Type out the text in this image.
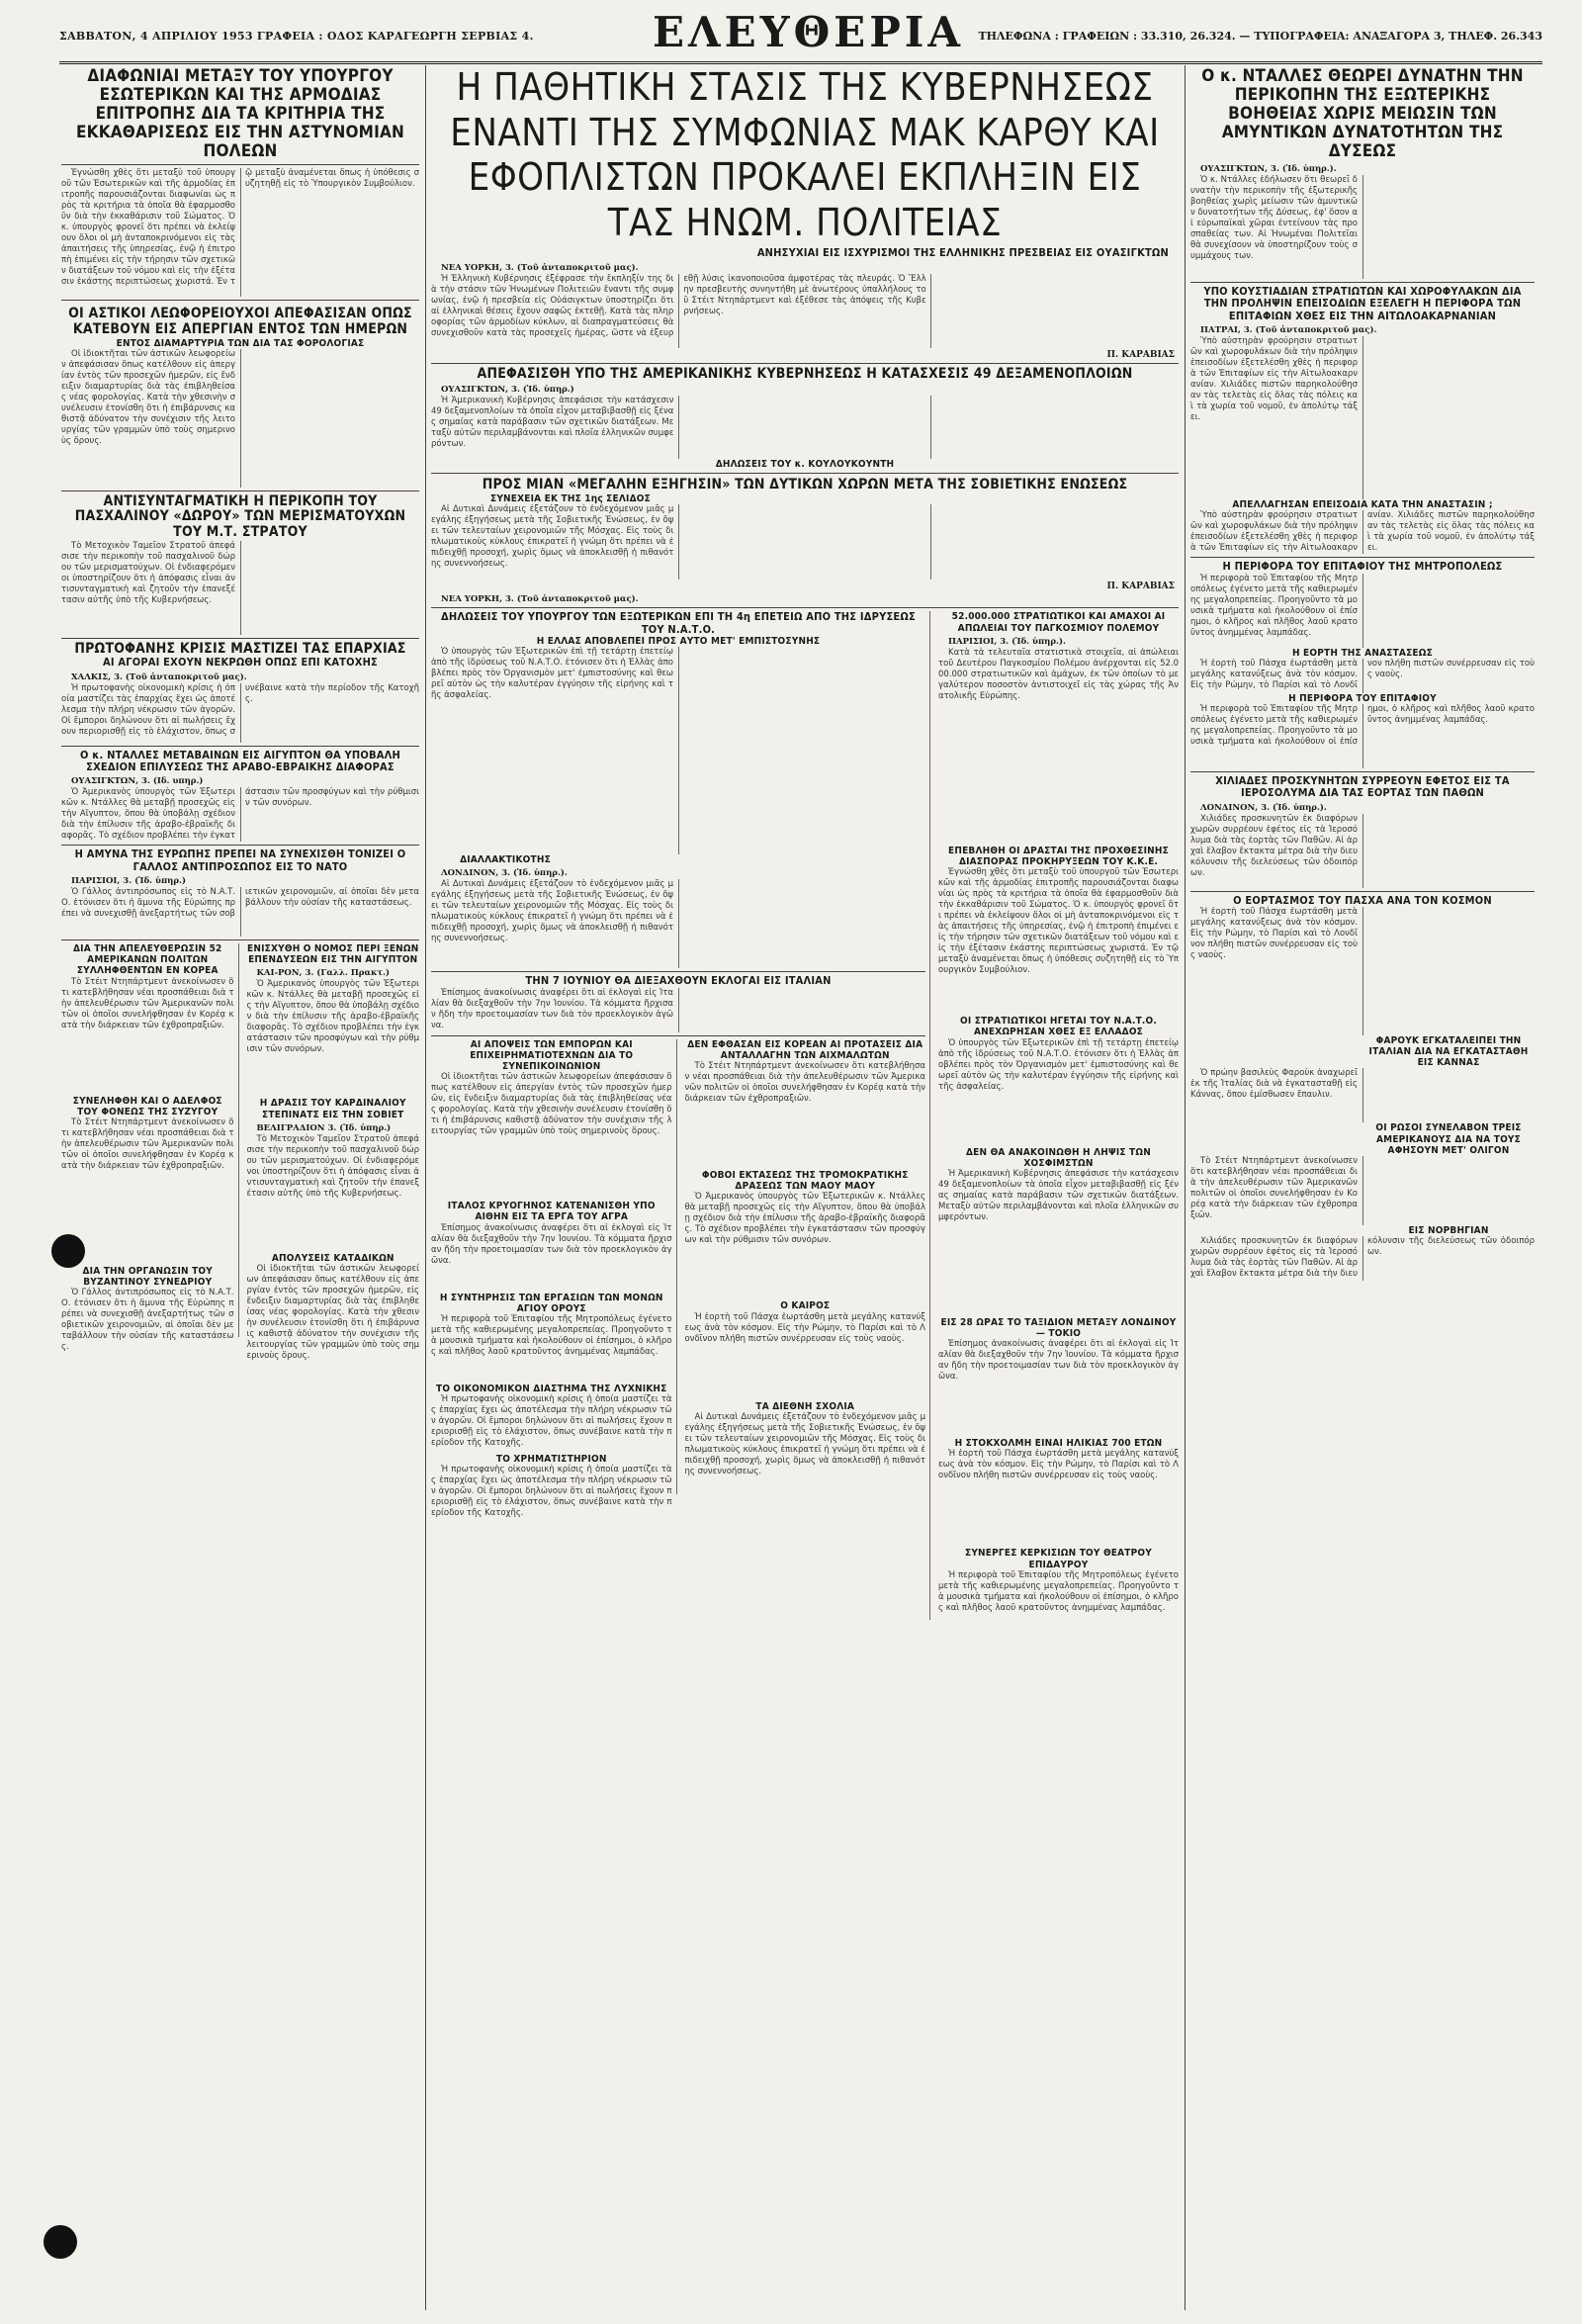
ΣΑΒΒΑΤΟΝ, 4 ΑΠΡΙΛΙΟΥ 1953 ΓΡΑΦΕΙΑ : ΟΔΟΣ ΚΑΡΑΓΕΩΡΓΗ ΣΕΡΒΙΑΣ 4.	ΕΛΕΥΘΕΡΙΑ ΤΗΛΕΦΩΝΑ : ΓΡΑΦΕΙΩΝ : 33.310, 26.324. — ΤΥΠΟΓΡΑΦΕΙΑ: ΑΝΑΞΑΓΟΡΑ 3, ΤΗΛΕΦ. 26.343
ΔΙΑΦΩΝΙΑΙ ΜΕΤΑΞΥ ΤΟΥ ΥΠΟΥΡΓΟΥ ΕΣΩΤΕΡΙΚΩΝ ΚΑΙ ΤΗΣ ΑΡΜΟΔΙΑΣ ΕΠΙΤΡΟΠΗΣ ΔΙΑ ΤΑ ΚΡΙΤΗΡΙΑ ΤΗΣ ΕΚΚΑΘΑΡΙΣΕΩΣ ΕΙΣ ΤΗΝ ΑΣΤΥΝΟΜΙΑΝ ΠΟΛΕΩΝ

Ἐγνώσθη χθὲς ὅτι μεταξὺ τοῦ ὑπουργοῦ τῶν Ἐσωτερικῶν καὶ τῆς ἀρμοδίας ἐπιτροπῆς παρουσιάζονται διαφωνίαι ὡς πρὸς τὰ κριτήρια τὰ ὁποῖα θὰ ἐφαρμοσθοῦν διὰ τὴν ἐκκαθάρισιν τοῦ Σώματος. Ὁ κ. ὑπουργὸς φρονεῖ ὅτι πρέπει νὰ ἐκλείψουν ὅλοι οἱ μὴ ἀνταποκρινόμενοι εἰς τὰς ἀπαιτήσεις τῆς ὑπηρεσίας, ἐνῷ ἡ ἐπιτροπὴ ἐπιμένει εἰς τὴν τήρησιν τῶν σχετικῶν διατάξεων τοῦ νόμου καὶ εἰς τὴν ἐξέτασιν ἑκάστης περιπτώσεως χωριστά. Ἐν τῷ μεταξὺ ἀναμένεται ὅπως ἡ ὑπόθεσις συζητηθῇ εἰς τὸ Ὑπουργικὸν Συμβούλιον.

ΟΙ ΑΣΤΙΚΟΙ ΛΕΩΦΟΡΕΙΟΥΧΟΙ ΑΠΕΦΑΣΙΣΑΝ ΟΠΩΣ ΚΑΤΕΒΟΥΝ ΕΙΣ ΑΠΕΡΓΙΑΝ ΕΝΤΟΣ ΤΩΝ ΗΜΕΡΩΝ
ΕΝΤΟΣ ΔΙΑΜΑΡΤΥΡΙΑ ΤΩΝ ΔΙΑ ΤΑΣ ΦΟΡΟΛΟΓΙΑΣ

Οἱ ἰδιοκτῆται τῶν ἀστικῶν λεωφορείων ἀπεφάσισαν ὅπως κατέλθουν εἰς ἀπεργίαν ἐντὸς τῶν προσεχῶν ἡμερῶν, εἰς ἔνδειξιν διαμαρτυρίας διὰ τὰς ἐπιβληθείσας νέας φορολογίας. Κατὰ τὴν χθεσινὴν συνέλευσιν ἐτονίσθη ὅτι ἡ ἐπιβάρυνσις καθιστᾷ ἀδύνατον τὴν συνέχισιν τῆς λειτουργίας τῶν γραμμῶν ὑπὸ τοὺς σημερινοὺς ὅρους.

ΑΝΤΙΣΥΝΤΑΓΜΑΤΙΚΗ Η ΠΕΡΙΚΟΠΗ ΤΟΥ ΠΑΣΧΑΛΙΝΟΥ «ΔΩΡΟΥ» ΤΩΝ ΜΕΡΙΣΜΑΤΟΥΧΩΝ ΤΟΥ Μ.Τ. ΣΤΡΑΤΟΥ

Τὸ Μετοχικὸν Ταμεῖον Στρατοῦ ἀπεφάσισε τὴν περικοπὴν τοῦ πασχαλινοῦ δώρου τῶν μερισματούχων. Οἱ ἐνδιαφερόμενοι ὑποστηρίζουν ὅτι ἡ ἀπόφασις εἶναι ἀντισυνταγματικὴ καὶ ζητοῦν τὴν ἐπανεξέτασιν αὐτῆς ὑπὸ τῆς Κυβερνήσεως.

ΠΡΩΤΟΦΑΝΗΣ ΚΡΙΣΙΣ ΜΑΣΤΙΖΕΙ ΤΑΣ ΕΠΑΡΧΙΑΣ
ΑΙ ΑΓΟΡΑΙ ΕΧΟΥΝ ΝΕΚΡΩΘΗ ΟΠΩΣ ΕΠΙ ΚΑΤΟΧΗΣ
ΧΑΛΚΙΣ, 3. (Τοῦ ἀνταποκριτοῦ μας).

Ἡ πρωτοφανὴς οἰκονομικὴ κρίσις ἡ ὁποία μαστίζει τὰς ἐπαρχίας ἔχει ὡς ἀποτέλεσμα τὴν πλήρη νέκρωσιν τῶν ἀγορῶν. Οἱ ἔμποροι δηλώνουν ὅτι αἱ πωλήσεις ἔχουν περιορισθῇ εἰς τὸ ἐλάχιστον, ὅπως συνέβαινε κατὰ τὴν περίοδον τῆς Κατοχῆς.

Ο κ. ΝΤΑΛΛΕΣ ΜΕΤΑΒΑΙΝΩΝ ΕΙΣ ΑΙΓΥΠΤΟΝ ΘΑ ΥΠΟΒΑΛΗ ΣΧΕΔΙΟΝ ΕΠΙΛΥΣΕΩΣ ΤΗΣ ΑΡΑΒΟ-ΕΒΡΑΙΚΗΣ ΔΙΑΦΟΡΑΣ
ΟΥΑΣΙΓΚΤΩΝ, 3. (Ιδ. υπηρ.)

Ὁ Ἀμερικανὸς ὑπουργὸς τῶν Ἐξωτερικῶν κ. Ντάλλες θὰ μεταβῇ προσεχῶς εἰς τὴν Αἴγυπτον, ὅπου θὰ ὑποβάλῃ σχέδιον διὰ τὴν ἐπίλυσιν τῆς ἀραβο-ἑβραϊκῆς διαφορᾶς. Τὸ σχέδιον προβλέπει τὴν ἐγκατάστασιν τῶν προσφύγων καὶ τὴν ρύθμισιν τῶν συνόρων.

Η ΑΜΥΝΑ ΤΗΣ ΕΥΡΩΠΗΣ ΠΡΕΠΕΙ ΝΑ ΣΥΝΕΧΙΣΘΗ ΤΟΝΙΖΕΙ Ο ΓΑΛΛΟΣ ΑΝΤΙΠΡΟΣΩΠΟΣ ΕΙΣ ΤΟ ΝΑΤΟ
ΠΑΡΙΣΙΟΙ, 3. (Ἰδ. ὑπηρ.)

Ὁ Γάλλος ἀντιπρόσωπος εἰς τὸ Ν.Α.Τ.Ο. ἐτόνισεν ὅτι ἡ ἄμυνα τῆς Εὐρώπης πρέπει νὰ συνεχισθῇ ἀνεξαρτήτως τῶν σοβιετικῶν χειρονομιῶν, αἱ ὁποῖαι δὲν μεταβάλλουν τὴν οὐσίαν τῆς καταστάσεως.

ΔΙΑ ΤΗΝ ΑΠΕΛΕΥΘΕΡΩΣΙΝ 52 ΑΜΕΡΙΚΑΝΩΝ ΠΟΛΙΤΩΝ ΣΥΛΛΗΦΘΕΝΤΩΝ ΕΝ ΚΟΡΕΑ

Τὸ Στέιτ Ντηπάρτμεντ ἀνεκοίνωσεν ὅτι κατεβλήθησαν νέαι προσπάθειαι διὰ τὴν ἀπελευθέρωσιν τῶν Ἀμερικανῶν πολιτῶν οἱ ὁποῖοι συνελήφθησαν ἐν Κορέᾳ κατὰ τὴν διάρκειαν τῶν ἐχθροπραξιῶν.

ΣΥΝΕΛΗΦΘΗ ΚΑΙ Ο ΑΔΕΛΦΟΣ ΤΟΥ ΦΟΝΕΩΣ ΤΗΣ ΣΥΖΥΓΟΥ

Τὸ Στέιτ Ντηπάρτμεντ ἀνεκοίνωσεν ὅτι κατεβλήθησαν νέαι προσπάθειαι διὰ τὴν ἀπελευθέρωσιν τῶν Ἀμερικανῶν πολιτῶν οἱ ὁποῖοι συνελήφθησαν ἐν Κορέᾳ κατὰ τὴν διάρκειαν τῶν ἐχθροπραξιῶν.

ΔΙΑ ΤΗΝ ΟΡΓΑΝΩΣΙΝ ΤΟΥ ΒΥΖΑΝΤΙΝΟΥ ΣΥΝΕΔΡΙΟΥ

Ὁ Γάλλος ἀντιπρόσωπος εἰς τὸ Ν.Α.Τ.Ο. ἐτόνισεν ὅτι ἡ ἄμυνα τῆς Εὐρώπης πρέπει νὰ συνεχισθῇ ἀνεξαρτήτως τῶν σοβιετικῶν χειρονομιῶν, αἱ ὁποῖαι δὲν μεταβάλλουν τὴν οὐσίαν τῆς καταστάσεως.

ΕΝΙΣΧΥΘΗ Ο ΝΟΜΟΣ ΠΕΡΙ ΞΕΝΩΝ ΕΠΕΝΔΥΣΕΩΝ ΕΙΣ ΤΗΝ ΑΙΓΥΠΤΟΝ
ΚΑΙ-ΡΟΝ, 3. (Γαλλ. Πρακτ.)

Ὁ Ἀμερικανὸς ὑπουργὸς τῶν Ἐξωτερικῶν κ. Ντάλλες θὰ μεταβῇ προσεχῶς εἰς τὴν Αἴγυπτον, ὅπου θὰ ὑποβάλῃ σχέδιον διὰ τὴν ἐπίλυσιν τῆς ἀραβο-ἑβραϊκῆς διαφορᾶς. Τὸ σχέδιον προβλέπει τὴν ἐγκατάστασιν τῶν προσφύγων καὶ τὴν ρύθμισιν τῶν συνόρων.

Η ΔΡΑΣΙΣ ΤΟΥ ΚΑΡΔΙΝΑΛΙΟΥ ΣΤΕΠΙΝΑΤΣ ΕΙΣ ΤΗΝ ΣΟΒΙΕΤ
ΒΕΛΙΓΡΑΔΙΟΝ 3. (Ἰδ. ὑπηρ.)

Τὸ Μετοχικὸν Ταμεῖον Στρατοῦ ἀπεφάσισε τὴν περικοπὴν τοῦ πασχαλινοῦ δώρου τῶν μερισματούχων. Οἱ ἐνδιαφερόμενοι ὑποστηρίζουν ὅτι ἡ ἀπόφασις εἶναι ἀντισυνταγματικὴ καὶ ζητοῦν τὴν ἐπανεξέτασιν αὐτῆς ὑπὸ τῆς Κυβερνήσεως.

ΑΠΟΛΥΣΕΙΣ ΚΑΤΑΔΙΚΩΝ

Οἱ ἰδιοκτῆται τῶν ἀστικῶν λεωφορείων ἀπεφάσισαν ὅπως κατέλθουν εἰς ἀπεργίαν ἐντὸς τῶν προσεχῶν ἡμερῶν, εἰς ἔνδειξιν διαμαρτυρίας διὰ τὰς ἐπιβληθείσας νέας φορολογίας. Κατὰ τὴν χθεσινὴν συνέλευσιν ἐτονίσθη ὅτι ἡ ἐπιβάρυνσις καθιστᾷ ἀδύνατον τὴν συνέχισιν τῆς λειτουργίας τῶν γραμμῶν ὑπὸ τοὺς σημερινοὺς ὅρους.

Η ΠΑΘΗΤΙΚΗ ΣΤΑΣΙΣ ΤΗΣ ΚΥΒΕΡΝΗΣΕΩΣ ΕΝΑΝΤΙ ΤΗΣ ΣΥΜΦΩΝΙΑΣ ΜΑΚ ΚΑΡΘΥ ΚΑΙ ΕΦΟΠΛΙΣΤΩΝ ΠΡΟΚΑΛΕΙ ΕΚΠΛΗΞΙΝ ΕΙΣ ΤΑΣ ΗΝΩΜ. ΠΟΛΙΤΕΙΑΣ
ΑΝΗΣΥΧΙΑΙ ΕΙΣ ΙΣΧΥΡΙΣΜΟΙ ΤΗΣ ΕΛΛΗΝΙΚΗΣ ΠΡΕΣΒΕΙΑΣ ΕΙΣ ΟΥΑΣΙΓΚΤΩΝ
ΝΕΑ ΥΟΡΚΗ, 3. (Τοῦ ἀνταποκριτοῦ μας).

Ἡ Ἑλληνικὴ Κυβέρνησις ἐξέφρασε τὴν ἔκπληξίν της διὰ τὴν στάσιν τῶν Ἡνωμένων Πολιτειῶν ἔναντι τῆς συμφωνίας, ἐνῷ ἡ πρεσβεία εἰς Οὐάσιγκτων ὑποστηρίζει ὅτι αἱ ἑλληνικαὶ θέσεις ἔχουν σαφῶς ἐκτεθῇ. Κατὰ τὰς πληροφορίας τῶν ἀρμοδίων κύκλων, αἱ διαπραγματεύσεις θὰ συνεχισθοῦν κατὰ τὰς προσεχεῖς ἡμέρας, ὥστε νὰ ἐξευρεθῇ λύσις ἱκανοποιοῦσα ἀμφοτέρας τὰς πλευράς. Ὁ Ἕλλην πρεσβευτὴς συνηντήθη μὲ ἀνωτέρους ὑπαλλήλους τοῦ Στέιτ Ντηπάρτμεντ καὶ ἐξέθεσε τὰς ἀπόψεις τῆς Κυβερνήσεως.

Π. ΚΑΡΑΒΙΑΣ
ΑΠΕΦΑΣΙΣΘΗ ΥΠΟ ΤΗΣ ΑΜΕΡΙΚΑΝΙΚΗΣ ΚΥΒΕΡΝΗΣΕΩΣ Η ΚΑΤΑΣΧΕΣΙΣ 49 ΔΕΞΑΜΕΝΟΠΛΟΙΩΝ
ΟΥΑΣΙΓΚΤΩΝ, 3. (Ἰδ. ὑπηρ.)

Ἡ Ἀμερικανικὴ Κυβέρνησις ἀπεφάσισε τὴν κατάσχεσιν 49 δεξαμενοπλοίων τὰ ὁποῖα εἶχον μεταβιβασθῇ εἰς ξένας σημαίας κατὰ παράβασιν τῶν σχετικῶν διατάξεων. Μεταξὺ αὐτῶν περιλαμβάνονται καὶ πλοῖα ἑλληνικῶν συμφερόντων.

ΔΗΛΩΣΕΙΣ ΤΟΥ κ. ΚΟΥΛΟΥΚΟΥΝΤΗ
ΠΡΟΣ ΜΙΑΝ «ΜΕΓΑΛΗΝ ΕΞΗΓΗΣΙΝ» ΤΩΝ ΔΥΤΙΚΩΝ ΧΩΡΩΝ ΜΕΤΑ ΤΗΣ ΣΟΒΙΕΤΙΚΗΣ ΕΝΩΣΕΩΣ
ΣΥΝΕΧΕΙΑ ΕΚ ΤΗΣ 1ης ΣΕΛΙΔΟΣ

Αἱ Δυτικαὶ Δυνάμεις ἐξετάζουν τὸ ἐνδεχόμενον μιᾶς μεγάλης ἐξηγήσεως μετὰ τῆς Σοβιετικῆς Ἑνώσεως, ἐν ὄψει τῶν τελευταίων χειρονομιῶν τῆς Μόσχας. Εἰς τοὺς διπλωματικοὺς κύκλους ἐπικρατεῖ ἡ γνώμη ὅτι πρέπει νὰ ἐπιδειχθῇ προσοχή, χωρὶς ὅμως νὰ ἀποκλεισθῇ ἡ πιθανότης συνεννοήσεως.

Π. ΚΑΡΑΒΙΑΣ
ΝΕΑ ΥΟΡΚΗ, 3. (Τοῦ ἀνταποκριτοῦ μας).
ΔΗΛΩΣΕΙΣ ΤΟΥ ΥΠΟΥΡΓΟΥ ΤΩΝ ΕΞΩΤΕΡΙΚΩΝ ΕΠΙ ΤΗ 4η ΕΠΕΤΕΙΩ ΑΠΟ ΤΗΣ ΙΔΡΥΣΕΩΣ ΤΟΥ Ν.Α.Τ.Ο.
Η ΕΛΛΑΣ ΑΠΟΒΛΕΠΕΙ ΠΡΟΣ ΑΥΤΟ ΜΕΤ' ΕΜΠΙΣΤΟΣΥΝΗΣ

Ὁ ὑπουργὸς τῶν Ἐξωτερικῶν ἐπὶ τῇ τετάρτῃ ἐπετείῳ ἀπὸ τῆς ἱδρύσεως τοῦ Ν.Α.Τ.Ο. ἐτόνισεν ὅτι ἡ Ἑλλὰς ἀποβλέπει πρὸς τὸν Ὀργανισμὸν μετ' ἐμπιστοσύνης καὶ θεωρεῖ αὐτὸν ὡς τὴν καλυτέραν ἐγγύησιν τῆς εἰρήνης καὶ τῆς ἀσφαλείας.

ΔΙΑΛΛΑΚΤΙΚΟΤΗΣ
ΛΟΝΔΙΝΟΝ, 3. (Ἰδ. ὑπηρ.).

Αἱ Δυτικαὶ Δυνάμεις ἐξετάζουν τὸ ἐνδεχόμενον μιᾶς μεγάλης ἐξηγήσεως μετὰ τῆς Σοβιετικῆς Ἑνώσεως, ἐν ὄψει τῶν τελευταίων χειρονομιῶν τῆς Μόσχας. Εἰς τοὺς διπλωματικοὺς κύκλους ἐπικρατεῖ ἡ γνώμη ὅτι πρέπει νὰ ἐπιδειχθῇ προσοχή, χωρὶς ὅμως νὰ ἀποκλεισθῇ ἡ πιθανότης συνεννοήσεως.

ΤΗΝ 7 ΙΟΥΝΙΟΥ ΘΑ ΔΙΕΞΑΧΘΟΥΝ ΕΚΛΟΓΑΙ ΕΙΣ ΙΤΑΛΙΑΝ

Ἐπίσημος ἀνακοίνωσις ἀναφέρει ὅτι αἱ ἐκλογαὶ εἰς Ἰταλίαν θὰ διεξαχθοῦν τὴν 7ην Ἰουνίου. Τὰ κόμματα ἤρχισαν ἤδη τὴν προετοιμασίαν των διὰ τὸν προεκλογικὸν ἀγῶνα.

ΑΙ ΑΠΟΨΕΙΣ ΤΩΝ ΕΜΠΟΡΩΝ ΚΑΙ ΕΠΙΧΕΙΡΗΜΑΤΙΟΤΕΧΝΩΝ ΔΙΑ ΤΟ ΣΥΝΕΠΙΚΟΙΝΩΝΙΟΝ

Οἱ ἰδιοκτῆται τῶν ἀστικῶν λεωφορείων ἀπεφάσισαν ὅπως κατέλθουν εἰς ἀπεργίαν ἐντὸς τῶν προσεχῶν ἡμερῶν, εἰς ἔνδειξιν διαμαρτυρίας διὰ τὰς ἐπιβληθείσας νέας φορολογίας. Κατὰ τὴν χθεσινὴν συνέλευσιν ἐτονίσθη ὅτι ἡ ἐπιβάρυνσις καθιστᾷ ἀδύνατον τὴν συνέχισιν τῆς λειτουργίας τῶν γραμμῶν ὑπὸ τοὺς σημερινοὺς ὅρους.

ΙΤΑΛΟΣ ΚΡΥΟΓΗΝΟΣ ΚΑΤΕΝΑΝΙΣΘΗ ΥΠΟ ΑΙΘΗΝ ΕΙΣ ΤΑ ΕΡΓΑ ΤΟΥ ΑΓΡΑ

Ἐπίσημος ἀνακοίνωσις ἀναφέρει ὅτι αἱ ἐκλογαὶ εἰς Ἰταλίαν θὰ διεξαχθοῦν τὴν 7ην Ἰουνίου. Τὰ κόμματα ἤρχισαν ἤδη τὴν προετοιμασίαν των διὰ τὸν προεκλογικὸν ἀγῶνα.

Η ΣΥΝΤΗΡΗΣΙΣ ΤΩΝ ΕΡΓΑΣΙΩΝ ΤΩΝ ΜΟΝΩΝ ΑΓΙΟΥ ΟΡΟΥΣ

Ἡ περιφορὰ τοῦ Ἐπιταφίου τῆς Μητροπόλεως ἐγένετο μετὰ τῆς καθιερωμένης μεγαλοπρεπείας. Προηγοῦντο τὰ μουσικὰ τμήματα καὶ ἠκολούθουν οἱ ἐπίσημοι, ὁ κλῆρος καὶ πλῆθος λαοῦ κρατοῦντος ἀνημμένας λαμπάδας.

ΤΟ ΟΙΚΟΝΟΜΙΚΟΝ ΔΙΑΣΤΗΜΑ ΤΗΣ ΛΥΧΝΙΚΗΣ

Ἡ πρωτοφανὴς οἰκονομικὴ κρίσις ἡ ὁποία μαστίζει τὰς ἐπαρχίας ἔχει ὡς ἀποτέλεσμα τὴν πλήρη νέκρωσιν τῶν ἀγορῶν. Οἱ ἔμποροι δηλώνουν ὅτι αἱ πωλήσεις ἔχουν περιορισθῇ εἰς τὸ ἐλάχιστον, ὅπως συνέβαινε κατὰ τὴν περίοδον τῆς Κατοχῆς.

ΤΟ ΧΡΗΜΑΤΙΣΤΗΡΙΟΝ

Ἡ πρωτοφανὴς οἰκονομικὴ κρίσις ἡ ὁποία μαστίζει τὰς ἐπαρχίας ἔχει ὡς ἀποτέλεσμα τὴν πλήρη νέκρωσιν τῶν ἀγορῶν. Οἱ ἔμποροι δηλώνουν ὅτι αἱ πωλήσεις ἔχουν περιορισθῇ εἰς τὸ ἐλάχιστον, ὅπως συνέβαινε κατὰ τὴν περίοδον τῆς Κατοχῆς.

ΔΕΝ ΕΦΘΑΣΑΝ ΕΙΣ ΚΟΡΕΑΝ ΑΙ ΠΡΟΤΑΣΕΙΣ ΔΙΑ ΑΝΤΑΛΛΑΓΗΝ ΤΩΝ ΑΙΧΜΑΛΩΤΩΝ

Τὸ Στέιτ Ντηπάρτμεντ ἀνεκοίνωσεν ὅτι κατεβλήθησαν νέαι προσπάθειαι διὰ τὴν ἀπελευθέρωσιν τῶν Ἀμερικανῶν πολιτῶν οἱ ὁποῖοι συνελήφθησαν ἐν Κορέᾳ κατὰ τὴν διάρκειαν τῶν ἐχθροπραξιῶν.

ΦΟΒΟΙ ΕΚΤΑΣΕΩΣ ΤΗΣ ΤΡΟΜΟΚΡΑΤΙΚΗΣ ΔΡΑΣΕΩΣ ΤΩΝ ΜΑΟΥ ΜΑΟΥ

Ὁ Ἀμερικανὸς ὑπουργὸς τῶν Ἐξωτερικῶν κ. Ντάλλες θὰ μεταβῇ προσεχῶς εἰς τὴν Αἴγυπτον, ὅπου θὰ ὑποβάλῃ σχέδιον διὰ τὴν ἐπίλυσιν τῆς ἀραβο-ἑβραϊκῆς διαφορᾶς. Τὸ σχέδιον προβλέπει τὴν ἐγκατάστασιν τῶν προσφύγων καὶ τὴν ρύθμισιν τῶν συνόρων.

Ο ΚΑΙΡΟΣ

Ἡ ἑορτὴ τοῦ Πάσχα ἑωρτάσθη μετὰ μεγάλης κατανύξεως ἀνὰ τὸν κόσμον. Εἰς τὴν Ρώμην, τὸ Παρίσι καὶ τὸ Λονδῖνον πλήθη πιστῶν συνέρρευσαν εἰς τοὺς ναοὺς.

ΤΑ ΔΙΕΘΝΗ ΣΧΟΛΙΑ

Αἱ Δυτικαὶ Δυνάμεις ἐξετάζουν τὸ ἐνδεχόμενον μιᾶς μεγάλης ἐξηγήσεως μετὰ τῆς Σοβιετικῆς Ἑνώσεως, ἐν ὄψει τῶν τελευταίων χειρονομιῶν τῆς Μόσχας. Εἰς τοὺς διπλωματικοὺς κύκλους ἐπικρατεῖ ἡ γνώμη ὅτι πρέπει νὰ ἐπιδειχθῇ προσοχή, χωρὶς ὅμως νὰ ἀποκλεισθῇ ἡ πιθανότης συνεννοήσεως.

52.000.000 ΣΤΡΑΤΙΩΤΙΚΟΙ ΚΑΙ ΑΜΑΧΟΙ ΑΙ ΑΠΩΛΕΙΑΙ ΤΟΥ ΠΑΓΚΟΣΜΙΟΥ ΠΟΛΕΜΟΥ
ΠΑΡΙΣΙΟΙ, 3. (Ἰδ. ὑπηρ.).

Κατὰ τὰ τελευταῖα στατιστικὰ στοιχεῖα, αἱ ἀπώλειαι τοῦ Δευτέρου Παγκοσμίου Πολέμου ἀνέρχονται εἰς 52.000.000 στρατιωτικῶν καὶ ἀμάχων, ἐκ τῶν ὁποίων τὸ μεγαλύτερον ποσοστὸν ἀντιστοιχεῖ εἰς τὰς χώρας τῆς Ἀνατολικῆς Εὐρώπης.

ΕΠΕΒΛΗΘΗ ΟΙ ΔΡΑΣΤΑΙ ΤΗΣ ΠΡΟΧΘΕΣΙΝΗΣ ΔΙΑΣΠΟΡΑΣ ΠΡΟΚΗΡΥΞΕΩΝ ΤΟΥ Κ.Κ.Ε.

Ἐγνώσθη χθὲς ὅτι μεταξὺ τοῦ ὑπουργοῦ τῶν Ἐσωτερικῶν καὶ τῆς ἀρμοδίας ἐπιτροπῆς παρουσιάζονται διαφωνίαι ὡς πρὸς τὰ κριτήρια τὰ ὁποῖα θὰ ἐφαρμοσθοῦν διὰ τὴν ἐκκαθάρισιν τοῦ Σώματος. Ὁ κ. ὑπουργὸς φρονεῖ ὅτι πρέπει νὰ ἐκλείψουν ὅλοι οἱ μὴ ἀνταποκρινόμενοι εἰς τὰς ἀπαιτήσεις τῆς ὑπηρεσίας, ἐνῷ ἡ ἐπιτροπὴ ἐπιμένει εἰς τὴν τήρησιν τῶν σχετικῶν διατάξεων τοῦ νόμου καὶ εἰς τὴν ἐξέτασιν ἑκάστης περιπτώσεως χωριστά. Ἐν τῷ μεταξὺ ἀναμένεται ὅπως ἡ ὑπόθεσις συζητηθῇ εἰς τὸ Ὑπουργικὸν Συμβούλιον.

ΟΙ ΣΤΡΑΤΙΩΤΙΚΟΙ ΗΓΕΤΑΙ ΤΟΥ Ν.Α.Τ.Ο. ΑΝΕΧΩΡΗΣΑΝ ΧΘΕΣ ΕΞ ΕΛΛΑΔΟΣ

Ὁ ὑπουργὸς τῶν Ἐξωτερικῶν ἐπὶ τῇ τετάρτῃ ἐπετείῳ ἀπὸ τῆς ἱδρύσεως τοῦ Ν.Α.Τ.Ο. ἐτόνισεν ὅτι ἡ Ἑλλὰς ἀποβλέπει πρὸς τὸν Ὀργανισμὸν μετ' ἐμπιστοσύνης καὶ θεωρεῖ αὐτὸν ὡς τὴν καλυτέραν ἐγγύησιν τῆς εἰρήνης καὶ τῆς ἀσφαλείας.

ΔΕΝ ΘΑ ΑΝΑΚΟΙΝΩΘΗ Η ΛΗΨΙΣ ΤΩΝ ΧΟΣΦΙΜΣΤΩΝ

Ἡ Ἀμερικανικὴ Κυβέρνησις ἀπεφάσισε τὴν κατάσχεσιν 49 δεξαμενοπλοίων τὰ ὁποῖα εἶχον μεταβιβασθῇ εἰς ξένας σημαίας κατὰ παράβασιν τῶν σχετικῶν διατάξεων. Μεταξὺ αὐτῶν περιλαμβάνονται καὶ πλοῖα ἑλληνικῶν συμφερόντων.

ΕΙΣ 28 ΩΡΑΣ ΤΟ ΤΑΞΙΔΙΟΝ ΜΕΤΑΞΥ ΛΟΝΔΙΝΟΥ — ΤΟΚΙΟ

Ἐπίσημος ἀνακοίνωσις ἀναφέρει ὅτι αἱ ἐκλογαὶ εἰς Ἰταλίαν θὰ διεξαχθοῦν τὴν 7ην Ἰουνίου. Τὰ κόμματα ἤρχισαν ἤδη τὴν προετοιμασίαν των διὰ τὸν προεκλογικὸν ἀγῶνα.

Η ΣΤΟΚΧΟΛΜΗ ΕΙΝΑΙ ΗΛΙΚΙΑΣ 700 ΕΤΩΝ

Ἡ ἑορτὴ τοῦ Πάσχα ἑωρτάσθη μετὰ μεγάλης κατανύξεως ἀνὰ τὸν κόσμον. Εἰς τὴν Ρώμην, τὸ Παρίσι καὶ τὸ Λονδῖνον πλήθη πιστῶν συνέρρευσαν εἰς τοὺς ναοὺς.

ΣΥΝΕΡΓΕΣ ΚΕΡΚΙΣΙΩΝ ΤΟΥ ΘΕΑΤΡΟΥ ΕΠΙΔΑΥΡΟΥ

Ἡ περιφορὰ τοῦ Ἐπιταφίου τῆς Μητροπόλεως ἐγένετο μετὰ τῆς καθιερωμένης μεγαλοπρεπείας. Προηγοῦντο τὰ μουσικὰ τμήματα καὶ ἠκολούθουν οἱ ἐπίσημοι, ὁ κλῆρος καὶ πλῆθος λαοῦ κρατοῦντος ἀνημμένας λαμπάδας.

Ο κ. ΝΤΑΛΛΕΣ ΘΕΩΡΕΙ ΔΥΝΑΤΗΝ ΤΗΝ ΠΕΡΙΚΟΠΗΝ ΤΗΣ ΕΞΩΤΕΡΙΚΗΣ ΒΟΗΘΕΙΑΣ ΧΩΡΙΣ ΜΕΙΩΣΙΝ ΤΩΝ ΑΜΥΝΤΙΚΩΝ ΔΥΝΑΤΟΤΗΤΩΝ ΤΗΣ ΔΥΣΕΩΣ
ΟΥΑΣΙΓΚΤΩΝ, 3. (Ἰδ. ὑπηρ.).

Ὁ κ. Ντάλλες ἐδήλωσεν ὅτι θεωρεῖ δυνατὴν τὴν περικοπὴν τῆς ἐξωτερικῆς βοηθείας χωρὶς μείωσιν τῶν ἀμυντικῶν δυνατοτήτων τῆς Δύσεως, ἐφ' ὅσον αἱ εὐρωπαϊκαὶ χῶραι ἐντείνουν τὰς προσπαθείας των. Αἱ Ἡνωμέναι Πολιτεῖαι θὰ συνεχίσουν νὰ ὑποστηρίζουν τοὺς συμμάχους των.

ΥΠΟ ΚΟΥΣΤΙΑΔΙΑΝ ΣΤΡΑΤΙΩΤΩΝ ΚΑΙ ΧΩΡΟΦΥΛΑΚΩΝ ΔΙΑ ΤΗΝ ΠΡΟΛΗΨΙΝ ΕΠΕΙΣΟΔΙΩΝ ΕΞΕΛΕΓΗ Η ΠΕΡΙΦΟΡΑ ΤΩΝ ΕΠΙΤΑΦΙΩΝ ΧΘΕΣ ΕΙΣ ΤΗΝ ΑΙΤΩΛΟΑΚΑΡΝΑΝΙΑΝ
ΠΑΤΡΑΙ, 3. (Τοῦ ἀνταποκριτοῦ μας).

Ὑπὸ αὐστηρὰν φρούρησιν στρατιωτῶν καὶ χωροφυλάκων διὰ τὴν πρόληψιν ἐπεισοδίων ἐξετελέσθη χθὲς ἡ περιφορὰ τῶν Ἐπιταφίων εἰς τὴν Αἰτωλοακαρνανίαν. Χιλιάδες πιστῶν παρηκολούθησαν τὰς τελετὰς εἰς ὅλας τὰς πόλεις καὶ τὰ χωρία τοῦ νομοῦ, ἐν ἀπολύτῳ τάξει.

ΑΠΕΛΛΑΓΗΣΑΝ ΕΠΕΙΣΟΔΙΑ ΚΑΤΑ ΤΗΝ ΑΝΑΣΤΑΣΙΝ ;

Ὑπὸ αὐστηρὰν φρούρησιν στρατιωτῶν καὶ χωροφυλάκων διὰ τὴν πρόληψιν ἐπεισοδίων ἐξετελέσθη χθὲς ἡ περιφορὰ τῶν Ἐπιταφίων εἰς τὴν Αἰτωλοακαρνανίαν. Χιλιάδες πιστῶν παρηκολούθησαν τὰς τελετὰς εἰς ὅλας τὰς πόλεις καὶ τὰ χωρία τοῦ νομοῦ, ἐν ἀπολύτῳ τάξει.

Η ΠΕΡΙΦΟΡΑ ΤΟΥ ΕΠΙΤΑΦΙΟΥ ΤΗΣ ΜΗΤΡΟΠΟΛΕΩΣ

Ἡ περιφορὰ τοῦ Ἐπιταφίου τῆς Μητροπόλεως ἐγένετο μετὰ τῆς καθιερωμένης μεγαλοπρεπείας. Προηγοῦντο τὰ μουσικὰ τμήματα καὶ ἠκολούθουν οἱ ἐπίσημοι, ὁ κλῆρος καὶ πλῆθος λαοῦ κρατοῦντος ἀνημμένας λαμπάδας.

Η ΕΟΡΤΗ ΤΗΣ ΑΝΑΣΤΑΣΕΩΣ

Ἡ ἑορτὴ τοῦ Πάσχα ἑωρτάσθη μετὰ μεγάλης κατανύξεως ἀνὰ τὸν κόσμον. Εἰς τὴν Ρώμην, τὸ Παρίσι καὶ τὸ Λονδῖνον πλήθη πιστῶν συνέρρευσαν εἰς τοὺς ναοὺς.

Η ΠΕΡΙΦΟΡΑ ΤΟΥ ΕΠΙΤΑΦΙΟΥ

Ἡ περιφορὰ τοῦ Ἐπιταφίου τῆς Μητροπόλεως ἐγένετο μετὰ τῆς καθιερωμένης μεγαλοπρεπείας. Προηγοῦντο τὰ μουσικὰ τμήματα καὶ ἠκολούθουν οἱ ἐπίσημοι, ὁ κλῆρος καὶ πλῆθος λαοῦ κρατοῦντος ἀνημμένας λαμπάδας.

ΧΙΛΙΑΔΕΣ ΠΡΟΣΚΥΝΗΤΩΝ ΣΥΡΡΕΟΥΝ ΕΦΕΤΟΣ ΕΙΣ ΤΑ ΙΕΡΟΣΟΛΥΜΑ ΔΙΑ ΤΑΣ ΕΟΡΤΑΣ ΤΩΝ ΠΑΘΩΝ
ΛΟΝΔΙΝΟΝ, 3. (Ἰδ. ὑπηρ.).

Χιλιάδες προσκυνητῶν ἐκ διαφόρων χωρῶν συρρέουν ἐφέτος εἰς τὰ Ἱεροσόλυμα διὰ τὰς ἑορτὰς τῶν Παθῶν. Αἱ ἀρχαὶ ἔλαβον ἔκτακτα μέτρα διὰ τὴν διευκόλυνσιν τῆς διελεύσεως τῶν ὁδοιπόρων.

Ο ΕΟΡΤΑΣΜΟΣ ΤΟΥ ΠΑΣΧΑ ΑΝΑ ΤΟΝ ΚΟΣΜΟΝ

Ἡ ἑορτὴ τοῦ Πάσχα ἑωρτάσθη μετὰ μεγάλης κατανύξεως ἀνὰ τὸν κόσμον. Εἰς τὴν Ρώμην, τὸ Παρίσι καὶ τὸ Λονδῖνον πλήθη πιστῶν συνέρρευσαν εἰς τοὺς ναοὺς.

ΦΑΡΟΥΚ ΕΓΚΑΤΑΛΕΙΠΕΙ ΤΗΝ ΙΤΑΛΙΑΝ ΔΙΑ ΝΑ ΕΓΚΑΤΑΣΤΑΘΗ ΕΙΣ ΚΑΝΝΑΣ

Ὁ πρώην βασιλεὺς Φαροὺκ ἀναχωρεῖ ἐκ τῆς Ἰταλίας διὰ νὰ ἐγκατασταθῇ εἰς Κάννας, ὅπου ἐμίσθωσεν ἔπαυλιν.

ΟΙ ΡΩΣΟΙ ΣΥΝΕΛΑΒΟΝ ΤΡΕΙΣ ΑΜΕΡΙΚΑΝΟΥΣ ΔΙΑ ΝΑ ΤΟΥΣ ΑΦΗΣΟΥΝ ΜΕΤ' ΟΛΙΓΟΝ

Τὸ Στέιτ Ντηπάρτμεντ ἀνεκοίνωσεν ὅτι κατεβλήθησαν νέαι προσπάθειαι διὰ τὴν ἀπελευθέρωσιν τῶν Ἀμερικανῶν πολιτῶν οἱ ὁποῖοι συνελήφθησαν ἐν Κορέᾳ κατὰ τὴν διάρκειαν τῶν ἐχθροπραξιῶν.

ΕΙΣ ΝΟΡΒΗΓΙΑΝ

Χιλιάδες προσκυνητῶν ἐκ διαφόρων χωρῶν συρρέουν ἐφέτος εἰς τὰ Ἱεροσόλυμα διὰ τὰς ἑορτὰς τῶν Παθῶν. Αἱ ἀρχαὶ ἔλαβον ἔκτακτα μέτρα διὰ τὴν διευκόλυνσιν τῆς διελεύσεως τῶν ὁδοιπόρων.
